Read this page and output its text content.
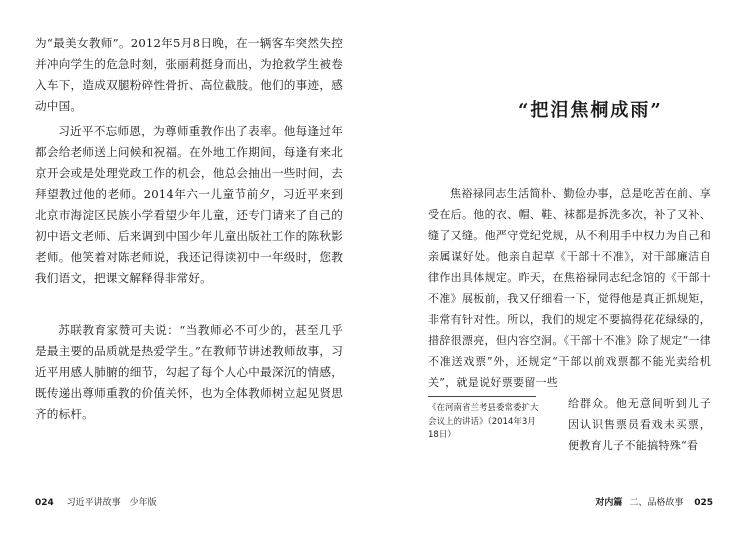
为“最美女教师”。2012年5月8日晚，在一辆客车突然失控并冲向学生的危急时刻，张丽莉挺身而出，为抢救学生被卷入车下，造成双腿粉碎性骨折、高位截肢。他们的事迹，感动中国。

习近平不忘师恩，为尊师重教作出了表率。他每逢过年都会给老师送上问候和祝福。在外地工作期间，每逢有来北京开会或是处理党政工作的机会，他总会抽出一些时间，去拜望教过他的老师。2014年六一儿童节前夕，习近平来到北京市海淀区民族小学看望少年儿童，还专门请来了自己的初中语文老师、后来调到中国少年儿童出版社工作的陈秋影老师。他笑着对陈老师说，我还记得读初中一年级时，您教我们语文，把课文解释得非常好。

苏联教育家赞可夫说：“当教师必不可少的，甚至几乎是最主要的品质就是热爱学生。”在教师节讲述教师故事，习近平用感人肺腑的细节，勾起了每个人心中最深沉的情感，既传递出尊师重教的价值关怀，也为全体教师树立起见贤思齐的标杆。

024 习近平讲故事　少年版
“把泪焦桐成雨”

焦裕禄同志生活简朴、勤俭办事，总是吃苦在前、享受在后。他的衣、帽、鞋、袜都是拆洗多次，补了又补、缝了又缝。他严守党纪党规，从不利用手中权力为自己和亲属谋好处。他亲自起草《干部十不准》，对干部廉洁自律作出具体规定。昨天，在焦裕禄同志纪念馆的《干部十不准》展板前，我又仔细看一下，觉得他是真正抓规矩，非常有针对性。所以，我们的规定不要搞得花花绿绿的，措辞很漂亮，但内容空洞。《干部十不准》除了规定“一律不准送戏票”外，还规定“干部以前戏票都不能光卖给机关”，就是说好票要留一些

《在河南省兰考县委常委扩大会议上的讲话》（2014年3月18日）

给群众。他无意间听到儿子因认识售票员看戏未买票，便教育儿子不能搞特殊“看

对内篇 二、品格故事 025
